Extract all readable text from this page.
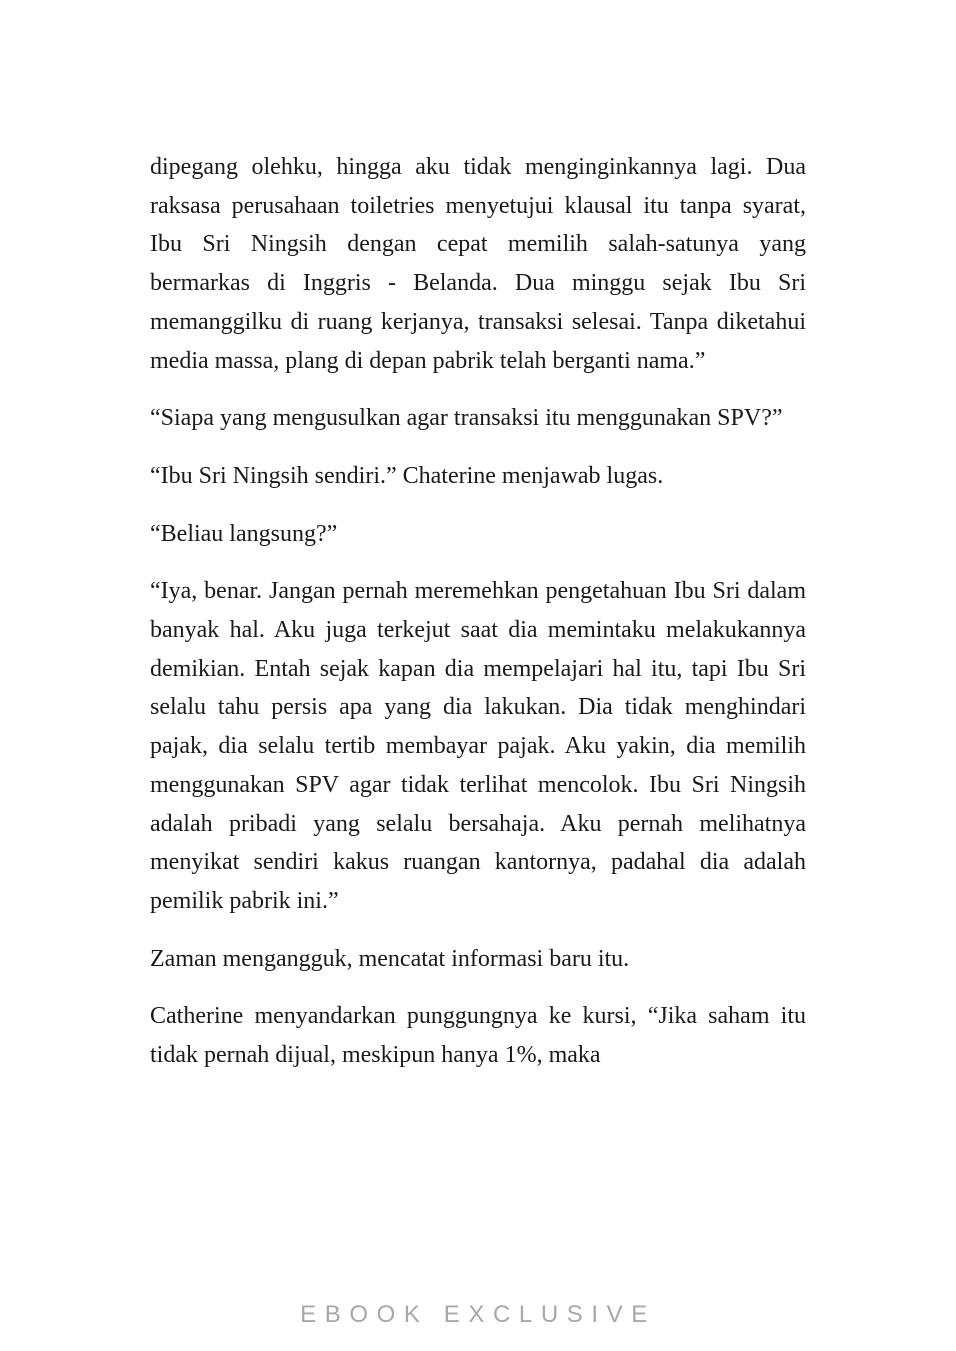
dipegang olehku, hingga aku tidak menginginkannya lagi. Dua raksasa perusahaan toiletries menyetujui klausal itu tanpa syarat, Ibu Sri Ningsih dengan cepat memilih salah-satunya yang bermarkas di Inggris - Belanda. Dua minggu sejak Ibu Sri memanggilku di ruang kerjanya, transaksi selesai. Tanpa diketahui media massa, plang di depan pabrik telah berganti nama.”

“Siapa yang mengusulkan agar transaksi itu menggunakan SPV?”

“Ibu Sri Ningsih sendiri.” Chaterine menjawab lugas.

“Beliau langsung?”

“Iya, benar. Jangan pernah meremehkan pengetahuan Ibu Sri dalam banyak hal. Aku juga terkejut saat dia memintaku melakukannya demikian. Entah sejak kapan dia mempelajari hal itu, tapi Ibu Sri selalu tahu persis apa yang dia lakukan. Dia tidak menghindari pajak, dia selalu tertib membayar pajak. Aku yakin, dia memilih menggunakan SPV agar tidak terlihat mencolok. Ibu Sri Ningsih adalah pribadi yang selalu bersahaja. Aku pernah melihatnya menyikat sendiri kakus ruangan kantornya, padahal dia adalah pemilik pabrik ini.”

Zaman mengangguk, mencatat informasi baru itu.

Catherine menyandarkan punggungnya ke kursi, “Jika saham itu tidak pernah dijual, meskipun hanya 1%, maka

EBOOK EXCLUSIVE
